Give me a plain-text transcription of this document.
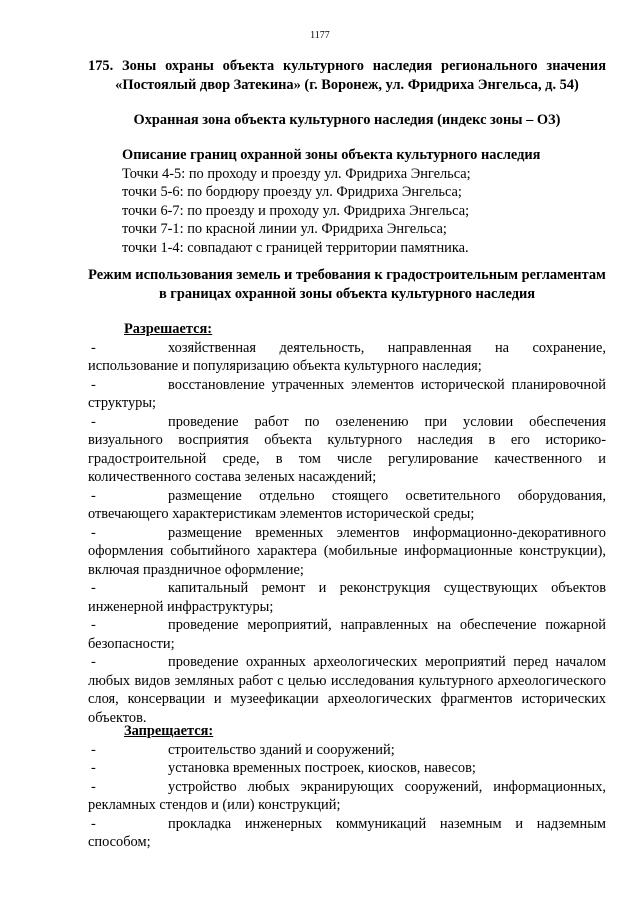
1177

175. Зоны охраны объекта культурного наследия регионального значения «Постоялый двор Затекина» (г. Воронеж, ул. Фридриха Энгельса, д. 54)

Охранная зона объекта культурного наследия (индекс зоны – ОЗ)

Описание границ охранной зоны объекта культурного наследия
Точки 4-5: по проходу и проезду ул. Фридриха Энгельса;
точки 5-6: по бордюру проезду ул. Фридриха Энгельса;
точки 6-7: по проезду и проходу ул. Фридриха Энгельса;
точки 7-1: по красной линии ул. Фридриха Энгельса;
точки 1-4: совпадают с границей территории памятника.

Режим использования земель и требования к градостроительным регламентам в границах охранной зоны объекта культурного наследия

Разрешается:

-	хозяйственная деятельность, направленная на сохранение, использование и популяризацию объекта культурного наследия;

-	восстановление утраченных элементов исторической планировочной структуры;

-	проведение работ по озеленению при условии обеспечения визуального восприятия объекта культурного наследия в его историко-градостроительной среде, в том числе регулирование качественного и количественного состава зеленых насаждений;

-	размещение отдельно стоящего осветительного оборудования, отвечающего характеристикам элементов исторической среды;

-	размещение временных элементов информационно-декоративного оформления событийного характера (мобильные информационные конструкции), включая праздничное оформление;

-	капитальный ремонт и реконструкция существующих объектов инженерной инфраструктуры;

-	проведение мероприятий, направленных на обеспечение пожарной безопасности;

-	проведение охранных археологических мероприятий перед началом любых видов земляных работ с целью исследования культурного археологического слоя, консервации и музеефикации археологических фрагментов исторических объектов.

Запрещается:

-	строительство зданий и сооружений;

-	установка временных построек, киосков, навесов;

-	устройство любых экранирующих сооружений, информационных, рекламных стендов и (или) конструкций;

-	прокладка инженерных коммуникаций наземным и надземным способом;
